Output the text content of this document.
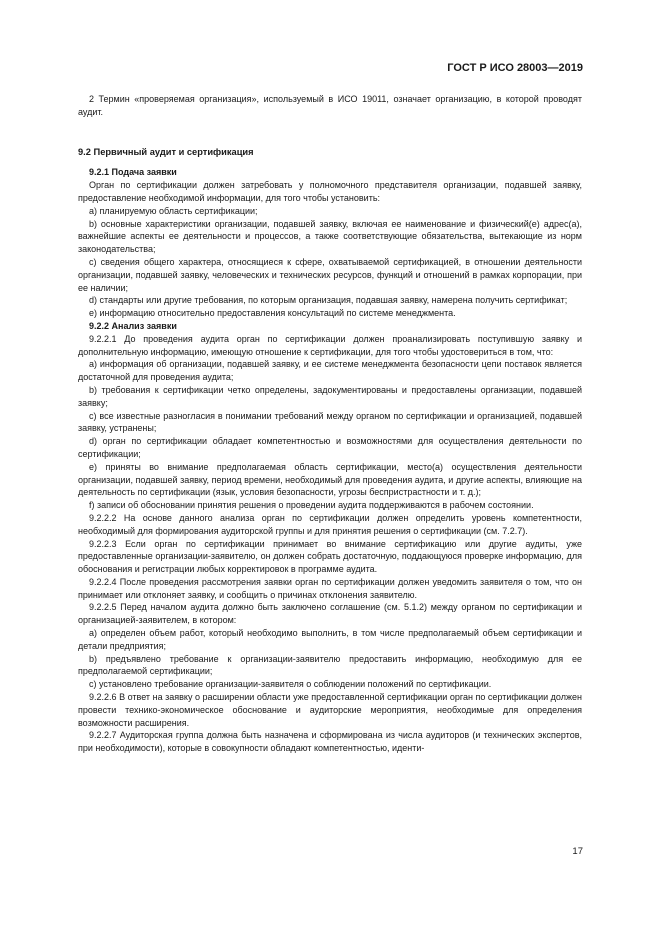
ГОСТ Р ИСО 28003—2019

2 Термин «проверяемая организация», используемый в ИСО 19011, означает организацию, в которой проводят аудит.

9.2 Первичный аудит и сертификация

9.2.1 Подача заявки

Орган по сертификации должен затребовать у полномочного представителя организации, подавшей заявку, предоставление необходимой информации, для того чтобы установить:

а) планируемую область сертификации;

b) основные характеристики организации, подавшей заявку, включая ее наименование и физический(е) адрес(а), важнейшие аспекты ее деятельности и процессов, а также соответствующие обязательства, вытекающие из норм законодательства;

c) сведения общего характера, относящиеся к сфере, охватываемой сертификацией, в отношении деятельности организации, подавшей заявку, человеческих и технических ресурсов, функций и отношений в рамках корпорации, при ее наличии;

d) стандарты или другие требования, по которым организация, подавшая заявку, намерена получить сертификат;

e) информацию относительно предоставления консультаций по системе менеджмента.

9.2.2 Анализ заявки

9.2.2.1 До проведения аудита орган по сертификации должен проанализировать поступившую заявку и дополнительную информацию, имеющую отношение к сертификации, для того чтобы удостовериться в том, что:

а) информация об организации, подавшей заявку, и ее системе менеджмента безопасности цепи поставок является достаточной для проведения аудита;

b) требования к сертификации четко определены, задокументированы и предоставлены организации, подавшей заявку;

c) все известные разногласия в понимании требований между органом по сертификации и организацией, подавшей заявку, устранены;

d) орган по сертификации обладает компетентностью и возможностями для осуществления деятельности по сертификации;

e) приняты во внимание предполагаемая область сертификации, место(а) осуществления деятельности организации, подавшей заявку, период времени, необходимый для проведения аудита, и другие аспекты, влияющие на деятельность по сертификации (язык, условия безопасности, угрозы беспристрастности и т. д.);

f) записи об обосновании принятия решения о проведении аудита поддерживаются в рабочем состоянии.

9.2.2.2 На основе данного анализа орган по сертификации должен определить уровень компетентности, необходимый для формирования аудиторской группы и для принятия решения о сертификации (см. 7.2.7).

9.2.2.3 Если орган по сертификации принимает во внимание сертификацию или другие аудиты, уже предоставленные организации-заявителю, он должен собрать достаточную, поддающуюся проверке информацию, для обоснования и регистрации любых корректировок в программе аудита.

9.2.2.4 После проведения рассмотрения заявки орган по сертификации должен уведомить заявителя о том, что он принимает или отклоняет заявку, и сообщить о причинах отклонения заявителю.

9.2.2.5 Перед началом аудита должно быть заключено соглашение (см. 5.1.2) между органом по сертификации и организацией-заявителем, в котором:

а) определен объем работ, который необходимо выполнить, в том числе предполагаемый объем сертификации и детали предприятия;

b) предъявлено требование к организации-заявителю предоставить информацию, необходимую для ее предполагаемой сертификации;

c) установлено требование организации-заявителя о соблюдении положений по сертификации.

9.2.2.6 В ответ на заявку о расширении области уже предоставленной сертификации орган по сертификации должен провести технико-экономическое обоснование и аудиторские мероприятия, необходимые для определения возможности расширения.

9.2.2.7 Аудиторская группа должна быть назначена и сформирована из числа аудиторов (и технических экспертов, при необходимости), которые в совокупности обладают компетентностью, иденти-

17
